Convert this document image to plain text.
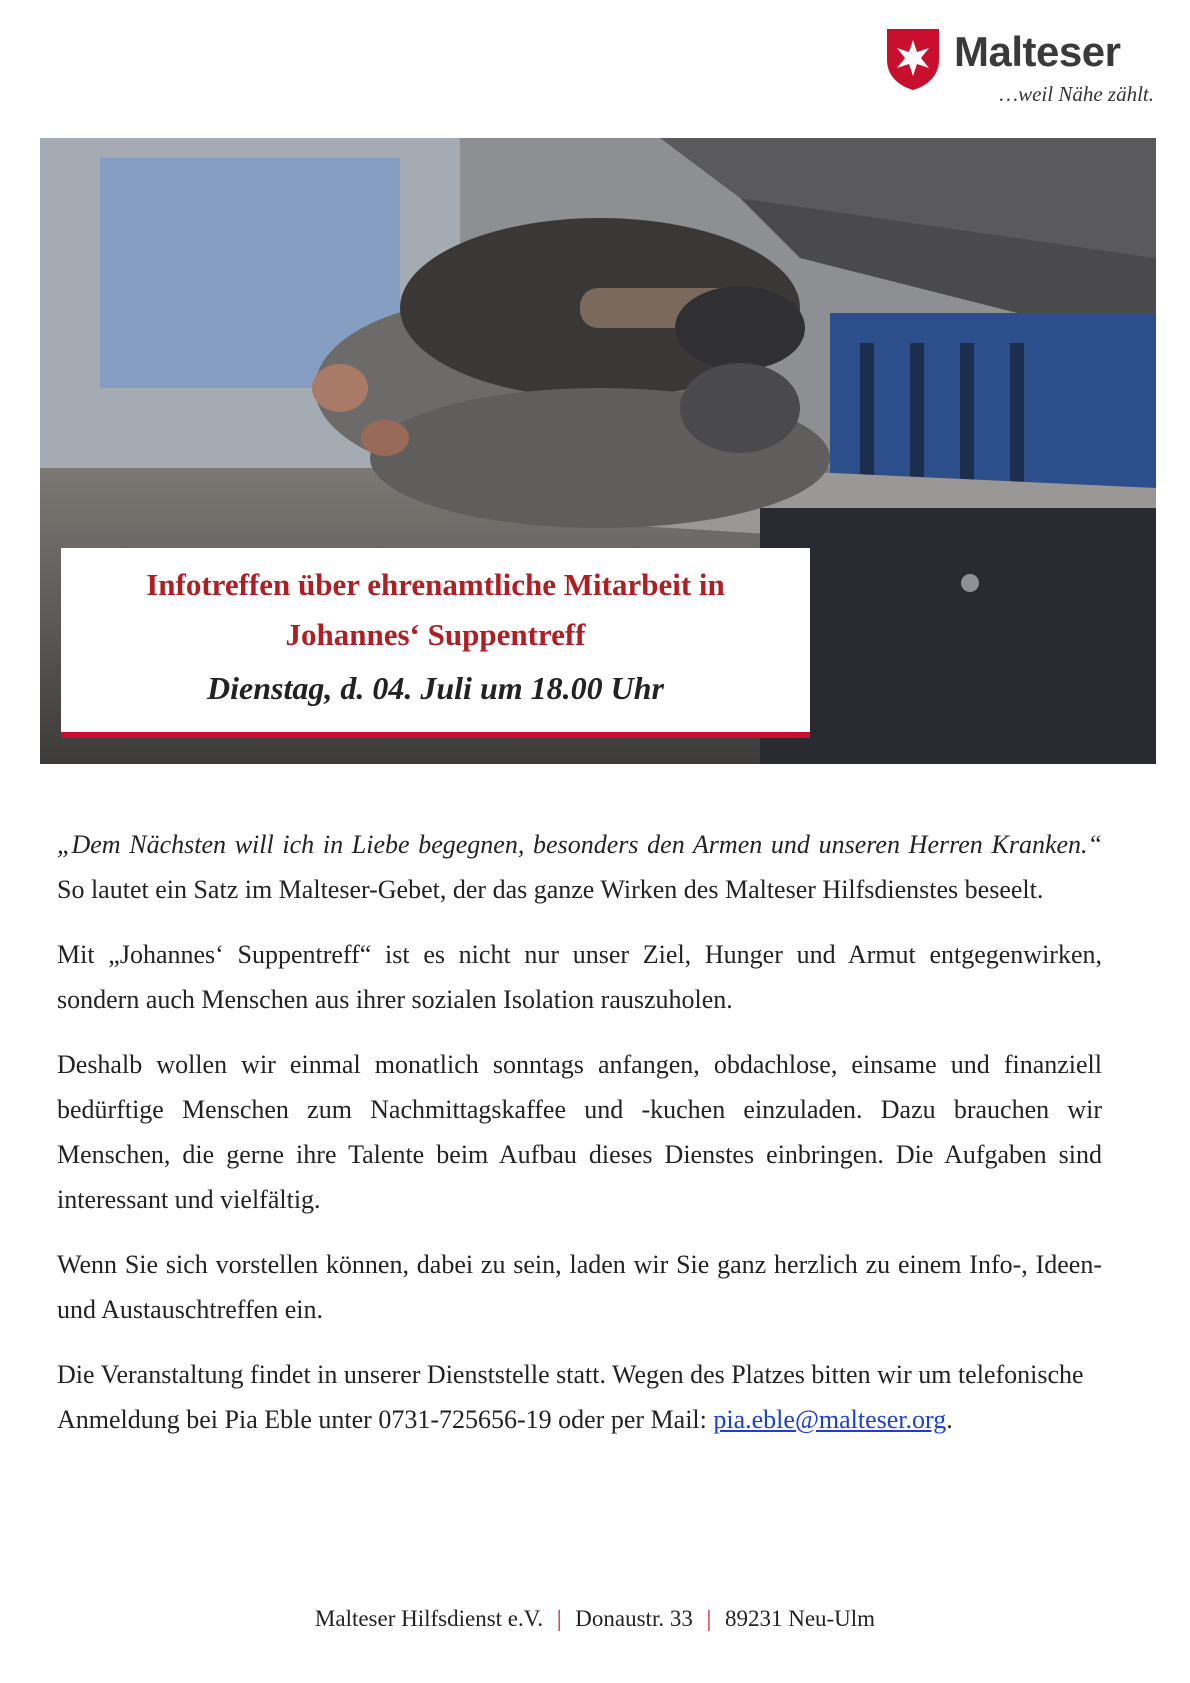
Malteser
…weil Nähe zählt.
Infotreffen über ehrenamtliche Mitarbeit in
Johannes‘ Suppentreff
Dienstag, d. 04. Juli um 18.00 Uhr

„Dem Nächsten will ich in Liebe begegnen, besonders den Armen und unseren Herren Kranken.“ So lautet ein Satz im Malteser-Gebet, der das ganze Wirken des Malteser Hilfsdienstes beseelt.

Mit „Johannes‘ Suppentreff“ ist es nicht nur unser Ziel, Hunger und Armut entgegenwirken, sondern auch Menschen aus ihrer sozialen Isolation rauszuholen.

Deshalb wollen wir einmal monatlich sonntags anfangen, obdachlose, einsame und finanziell bedürftige Menschen zum Nachmittagskaffee und -kuchen einzuladen. Dazu brauchen wir Menschen, die gerne ihre Talente beim Aufbau dieses Dienstes einbringen. Die Aufgaben sind interessant und vielfältig.

Wenn Sie sich vorstellen können, dabei zu sein, laden wir Sie ganz herzlich zu einem Info-, Ideen- und Austauschtreffen ein.

Die Veranstaltung findet in unserer Dienststelle statt. Wegen des Platzes bitten wir um telefonische Anmeldung bei Pia Eble unter 0731-725656-19 oder per Mail: pia.eble@malteser.org.

Malteser Hilfsdienst e.V. | Donaustr. 33 | 89231 Neu-Ulm
